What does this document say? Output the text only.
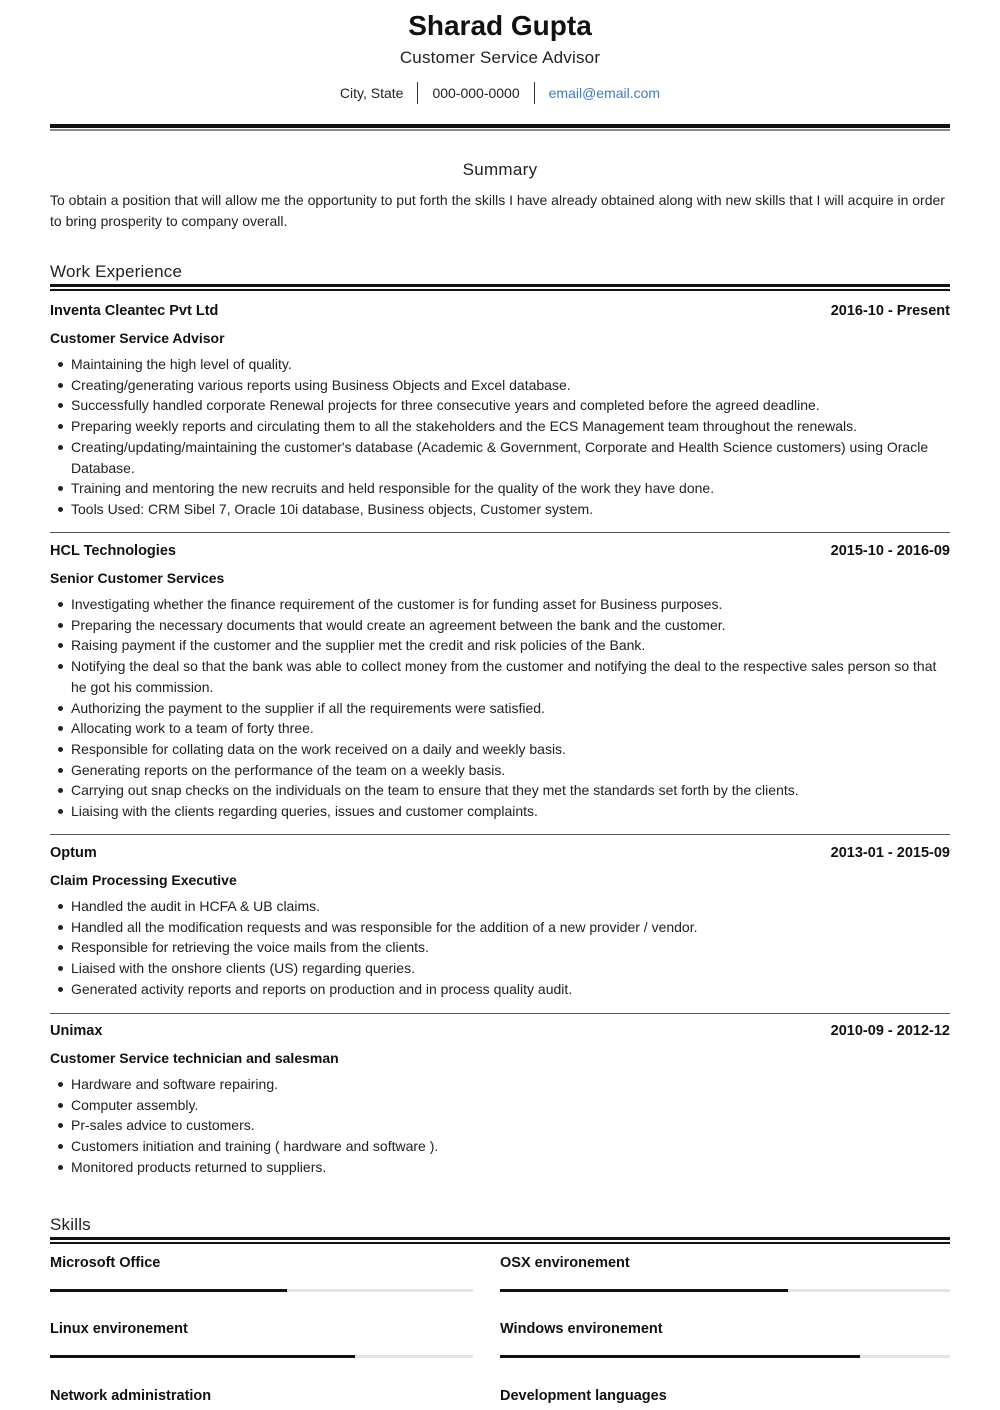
Sharad Gupta
Customer Service Advisor
City, State	000-000-0000	email@email.com
Summary
To obtain a position that will allow me the opportunity to put forth the skills I have already obtained along with new skills that I will acquire in order to bring prosperity to company overall.
Work Experience
Inventa Cleantec Pvt Ltd	2016-10 - Present
Customer Service Advisor
Maintaining the high level of quality.
Creating/generating various reports using Business Objects and Excel database.
Successfully handled corporate Renewal projects for three consecutive years and completed before the agreed deadline.
Preparing weekly reports and circulating them to all the stakeholders and the ECS Management team throughout the renewals.
Creating/updating/maintaining the customer's database (Academic & Government, Corporate and Health Science customers) using Oracle Database.
Training and mentoring the new recruits and held responsible for the quality of the work they have done.
Tools Used: CRM Sibel 7, Oracle 10i database, Business objects, Customer system.
HCL Technologies	2015-10 - 2016-09
Senior Customer Services
Investigating whether the finance requirement of the customer is for funding asset for Business purposes.
Preparing the necessary documents that would create an agreement between the bank and the customer.
Raising payment if the customer and the supplier met the credit and risk policies of the Bank.
Notifying the deal so that the bank was able to collect money from the customer and notifying the deal to the respective sales person so that he got his commission.
Authorizing the payment to the supplier if all the requirements were satisfied.
Allocating work to a team of forty three.
Responsible for collating data on the work received on a daily and weekly basis.
Generating reports on the performance of the team on a weekly basis.
Carrying out snap checks on the individuals on the team to ensure that they met the standards set forth by the clients.
Liaising with the clients regarding queries, issues and customer complaints.
Optum	2013-01 - 2015-09
Claim Processing Executive
Handled the audit in HCFA & UB claims.
Handled all the modification requests and was responsible for the addition of a new provider / vendor.
Responsible for retrieving the voice mails from the clients.
Liaised with the onshore clients (US) regarding queries.
Generated activity reports and reports on production and in process quality audit.
Unimax	2010-09 - 2012-12
Customer Service technician and salesman
Hardware and software repairing.
Computer assembly.
Pr-sales advice to customers.
Customers initiation and training ( hardware and software ).
Monitored products returned to suppliers.
Skills
Microsoft Office	OSX environement
Linux environement	Windows environement
Network administration	Development languages
